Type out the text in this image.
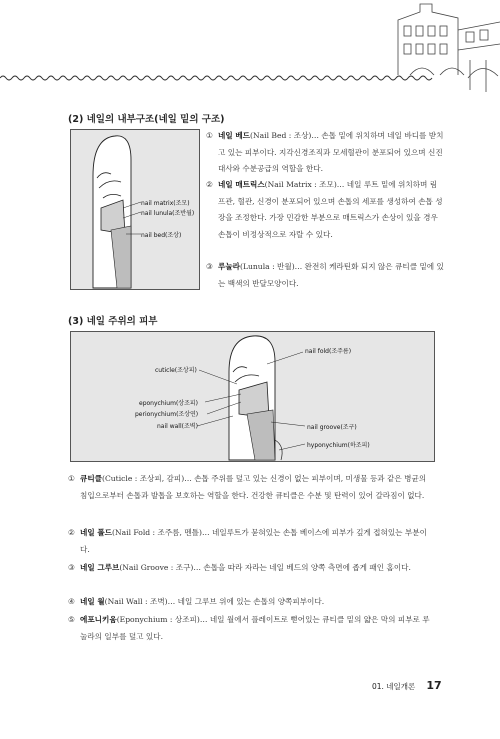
(2) 네일의 내부구조(네일 밑의 구조)
nail matrix(조모)
nail lunula(조반월)
nail bed(조상)
① 네일 베드(Nail Bed : 조상)… 손톱 밑에 위치하며 네일 바디를 받치고 있는 피부이다. 지각신경조직과 모세혈관이 분포되어 있으며 신진대사와 수분공급의 역할을 한다.
② 네일 매트릭스(Nail Matrix : 조모)… 네일 루트 밑에 위치하며 림프관, 혈관, 신경이 분포되어 있으며 손톱의 세포를 생성하여 손톱 성장을 조정한다. 가장 민감한 부분으로 매트릭스가 손상이 있을 경우 손톱이 비정상적으로 자랄 수 있다.
③ 루눌라(Lunula : 반월)… 완전히 케라틴화 되지 않은 큐티클 밑에 있는 백색의 반달모양이다.
(3) 네일 주위의 피부
nail fold(조주름)
cuticle(조상피)
eponychium(상조피)
perionychium(조상연)
nail wall(조벽)	nail groove(조구)
hyponychium(하조피)
① 큐티클(Cuticle : 조상피, 감피)… 손톱 주위를 덮고 있는 신경이 없는 피부이며, 미생물 등과 같은 병균의 침입으로부터 손톱과 발톱을 보호하는 역할을 한다. 건강한 큐티클은 수분 및 탄력이 있어 갈라짐이 없다.
② 네일 폴드(Nail Fold : 조주름, 멘틀)… 네일루트가 묻혀있는 손톱 베이스에 피부가 깊게 접혀있는 부분이다.
③ 네일 그루브(Nail Groove : 조구)… 손톱을 따라 자라는 네일 베드의 양쪽 측면에 좁게 패인 홈이다.
④ 네일 월(Nail Wall : 조벽)… 네일 그루브 위에 있는 손톱의 양쪽피부이다.
⑤ 에포니키움(Eponychium : 상조피)… 네일 월에서 플레이트로 뻗어있는 큐티클 밑의 얇은 막의 피부로 루눌라의 일부를 덮고 있다.
01. 네일개론 17
